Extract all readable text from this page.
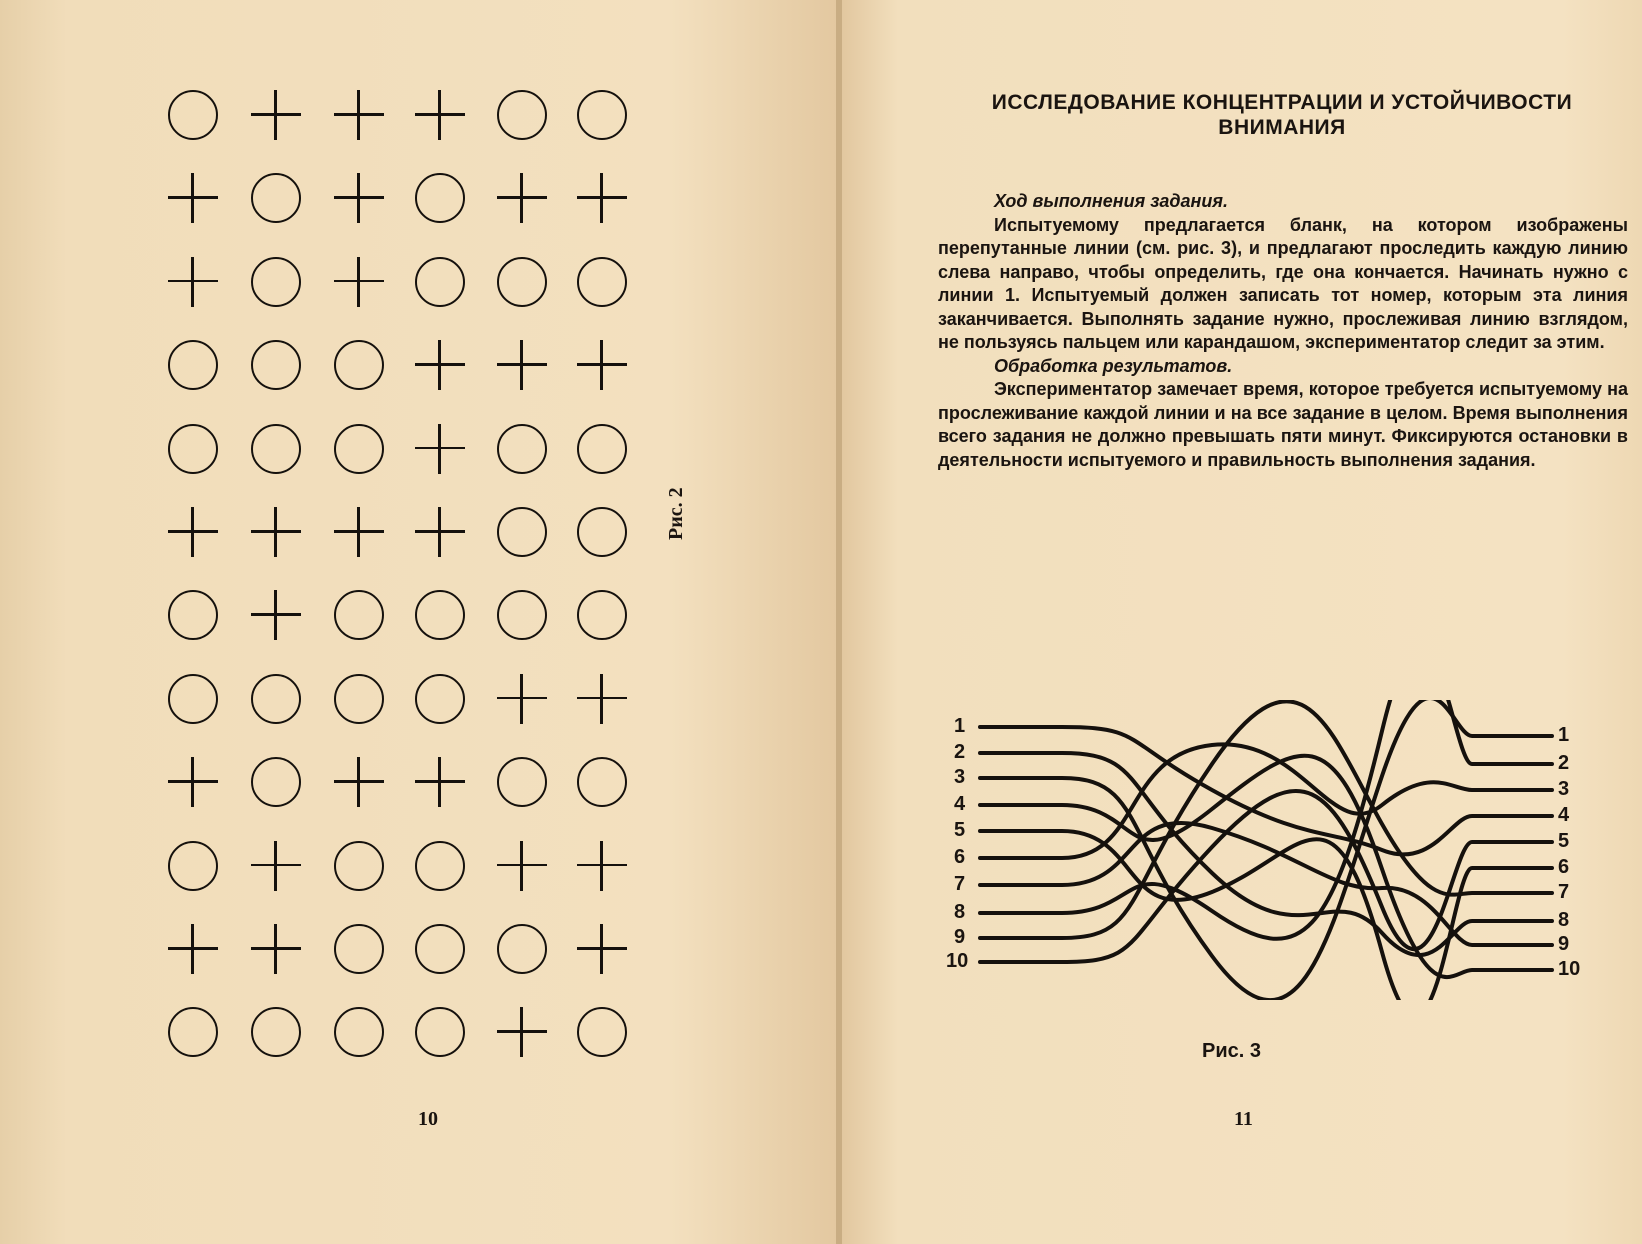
Рис. 2
10
ИССЛЕДОВАНИЕ КОНЦЕНТРАЦИИ И УСТОЙЧИВОСТИ
ВНИМАНИЯ

Ход выполнения задания.

Испытуемому предлагается бланк, на котором изображены перепутанные линии (см. рис. 3), и предлагают проследить каждую линию слева направо, чтобы определить, где она кончается. Начинать нужно с линии 1. Испытуемый должен записать тот номер, которым эта линия заканчивается. Выполнять задание нужно, прослеживая линию взглядом, не пользуясь пальцем или карандашом, экспериментатор следит за этим.

Обработка результатов.

Экспериментатор замечает время, которое требуется испытуемому на прослеживание каждой линии и на все задание в целом. Время выполнения всего задания не должно превышать пяти минут. Фиксируются остановки в деятельности испытуемого и правильность выполнения задания.

1
2
3
4
5
6
7
8
9
10
1
2
3
4
5
6
7
8
9
10
Рис. 3
11
